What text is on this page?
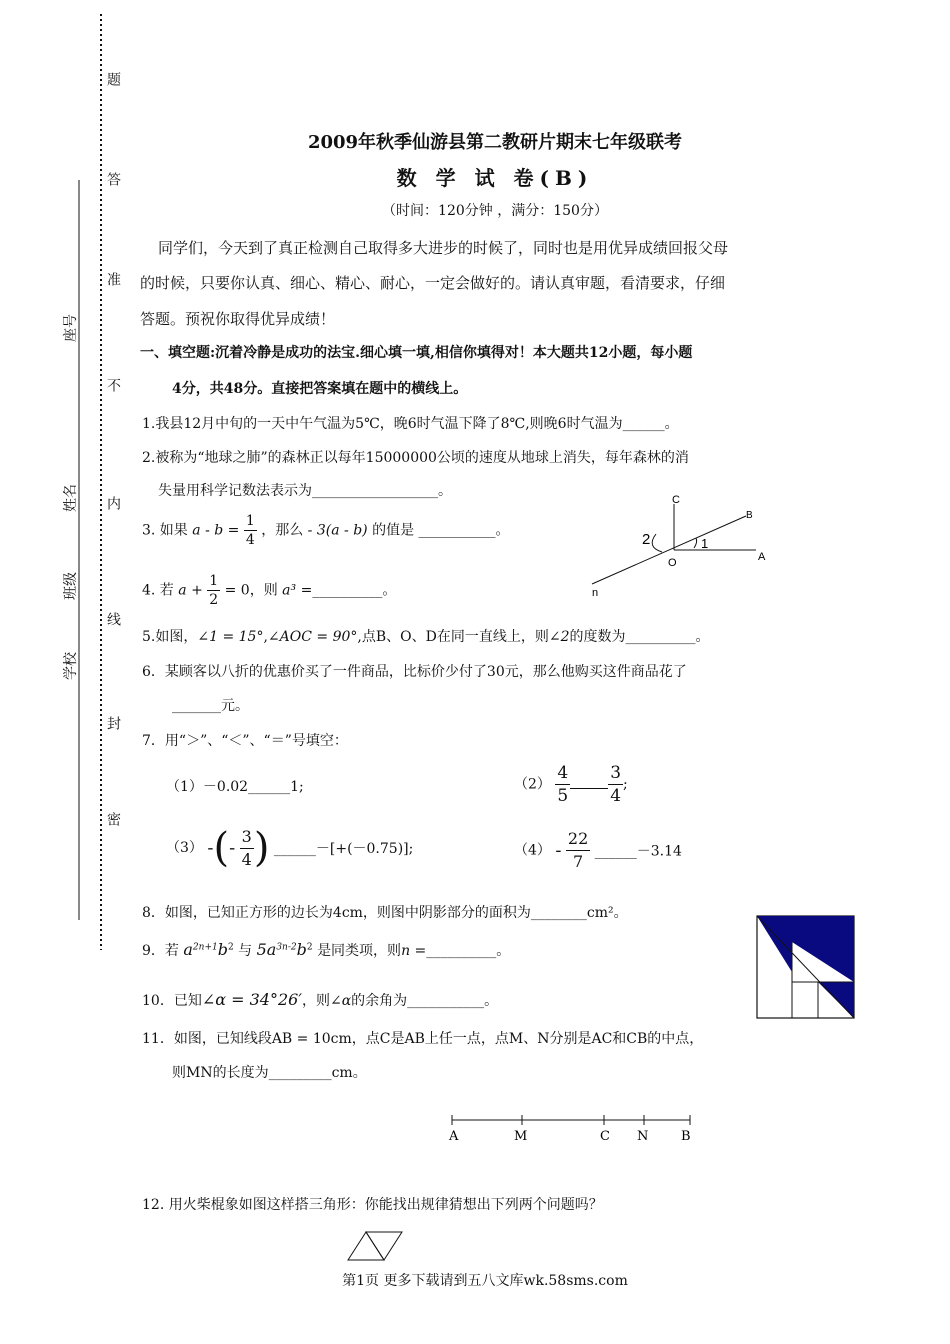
题
答
准
不
内
线
封
密
座号
姓名
班级
学校
2009年秋季仙游县第二教研片期末七年级联考
数 学 试 卷(B)
（时间：120分钟 ，满分：150分）
同学们，今天到了真正检测自己取得多大进步的时候了，同时也是用优异成绩回报父母
的时候，只要你认真、细心、精心、耐心，一定会做好的。请认真审题，看清要求，仔细
答题。预祝你取得优异成绩！
一、填空题:沉着冷静是成功的法宝.细心填一填,相信你填得对！本大题共12小题，每小题
4分，共48分。直接把答案填在题中的横线上。
1.我县12月中旬的一天中午气温为5℃，晚6时气温下降了8℃,则晚6时气温为______。
2.被称为“地球之肺”的森林正以每年15000000公顷的速度从地球上消失，每年森林的消
失量用科学记数法表示为__________________。
3. 如果 $a - b = \frac{1}{4}$ ，那么 - 3(a - b) 的值是 ___________。
C
B
2	1
O	A
n
4. 若 $a + \frac{1}{2} = 0$，则 a³ =__________。
5.如图，∠1 = 15°,∠AOC = 90°,点B、O、D在同一直线上，则∠2的度数为__________。
6．某顾客以八折的优惠价买了一件商品，比标价少付了30元，那么他购买这件商品花了
_______元。
7．用“＞”、“＜”、“＝”号填空：
（1）－0.02______1;	$(2) \frac{4}{5} \frac{3}{4}$ ;
（3） -(- $\frac{3}{4}$ ) ______－[+(－0.75)];	$(4) - \frac{22}{7}$ ______－3.14
8．如图，已知正方形的边长为4cm，则图中阴影部分的面积为________cm²。
9．若 $a^{2n+1}b^2$ 与 $5a^{3n-2}b^2$ 是同类项，则n =__________。
10．已知∠α = 34°26′，则∠α的余角为___________。
11．如图，已知线段AB = 10cm，点C是AB上任一点，点M、N分别是AC和CB的中点，
则MN的长度为_________cm。
A	M	C N	B
12. 用火柴棍象如图这样搭三角形：你能找出规律猜想出下列两个问题吗？
第1页 更多下载请到五八文库wk.58sms.com
